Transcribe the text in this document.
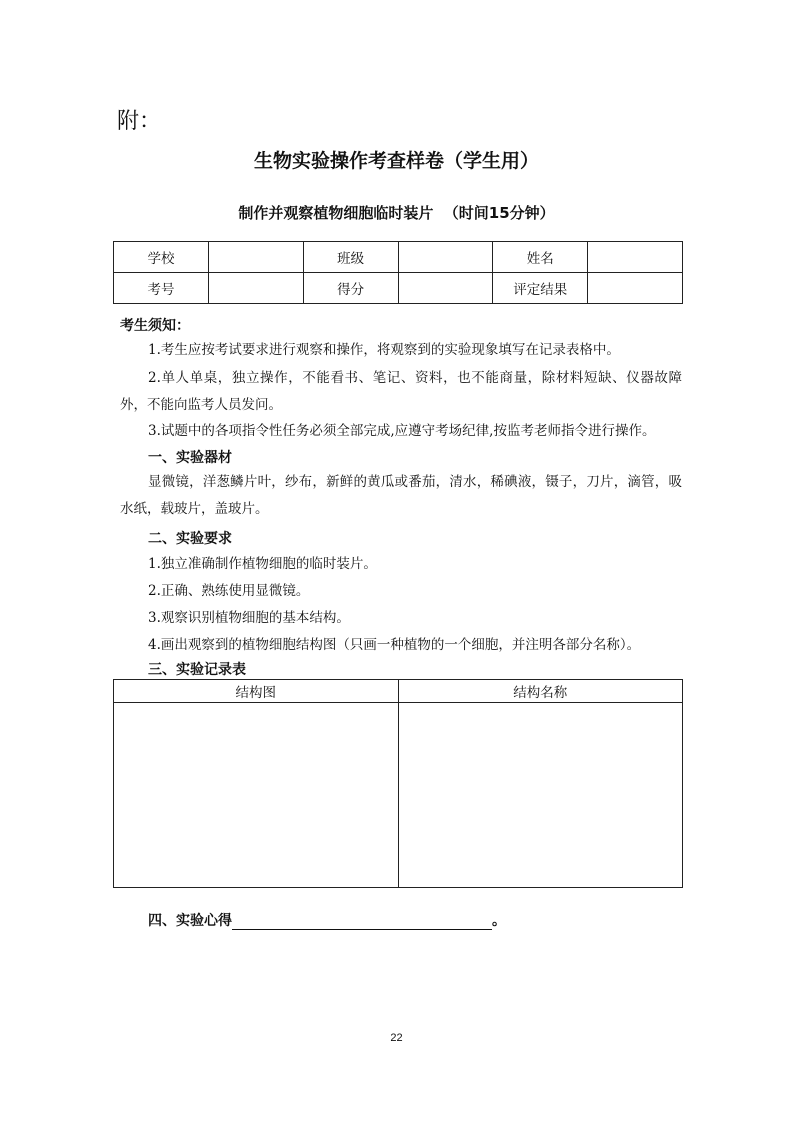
附：
生物实验操作考查样卷（学生用）
制作并观察植物细胞临时装片  （时间15分钟）
学校		班级		姓名	
考号		得分		评定结果	
考生须知：
1.考生应按考试要求进行观察和操作，将观察到的实验现象填写在记录表格中。
2.单人单桌，独立操作，不能看书、笔记、资料，也不能商量，除材料短缺、仪器故障外，不能向监考人员发问。
3.试题中的各项指令性任务必须全部完成,应遵守考场纪律,按监考老师指令进行操作。
一、实验器材
显微镜，洋葱鳞片叶，纱布，新鲜的黄瓜或番茄，清水，稀碘液，镊子，刀片，滴管，吸水纸，载玻片，盖玻片。
二、实验要求
1.独立准确制作植物细胞的临时装片。
2.正确、熟练使用显微镜。
3.观察识别植物细胞的基本结构。
4.画出观察到的植物细胞结构图（只画一种植物的一个细胞，并注明各部分名称）。
三、实验记录表
结构图	结构名称

四、实验心得	。
22
